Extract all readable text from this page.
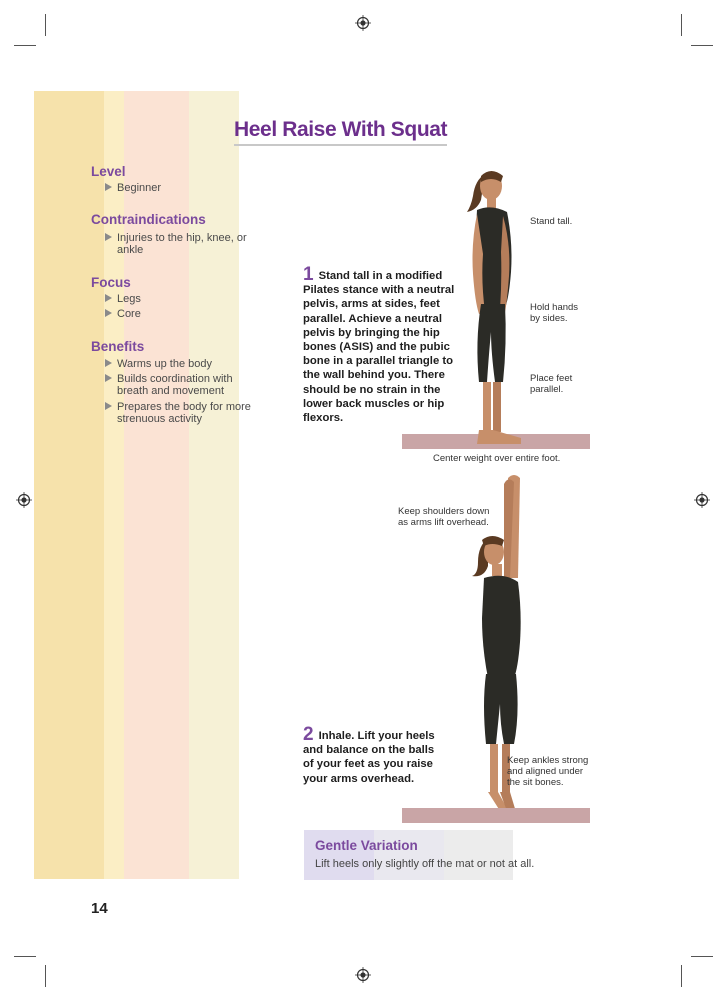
Heel Raise With Squat
Level
Beginner
Contraindications
Injuries to the hip, knee, or ankle
Focus
Legs
Core
Benefits
Warms up the body
Builds coordination with breath and movement
Prepares the body for more strenuous activity
1 Stand tall in a modified Pilates stance with a neutral pelvis, arms at sides, feet parallel. Achieve a neutral pelvis by bringing the hip bones (ASIS) and the pubic bone in a parallel triangle to the wall behind you. There should be no strain in the lower back muscles or hip flexors.
Stand tall.
Hold hands by sides.
Place feet parallel.
Center weight over entire foot.
Keep shoulders down as arms lift overhead.
2 Inhale. Lift your heels and balance on the balls of your feet as you raise your arms overhead.
Keep ankles strong and aligned under the sit bones.
Gentle Variation
Lift heels only slightly off the mat or not at all.
14
